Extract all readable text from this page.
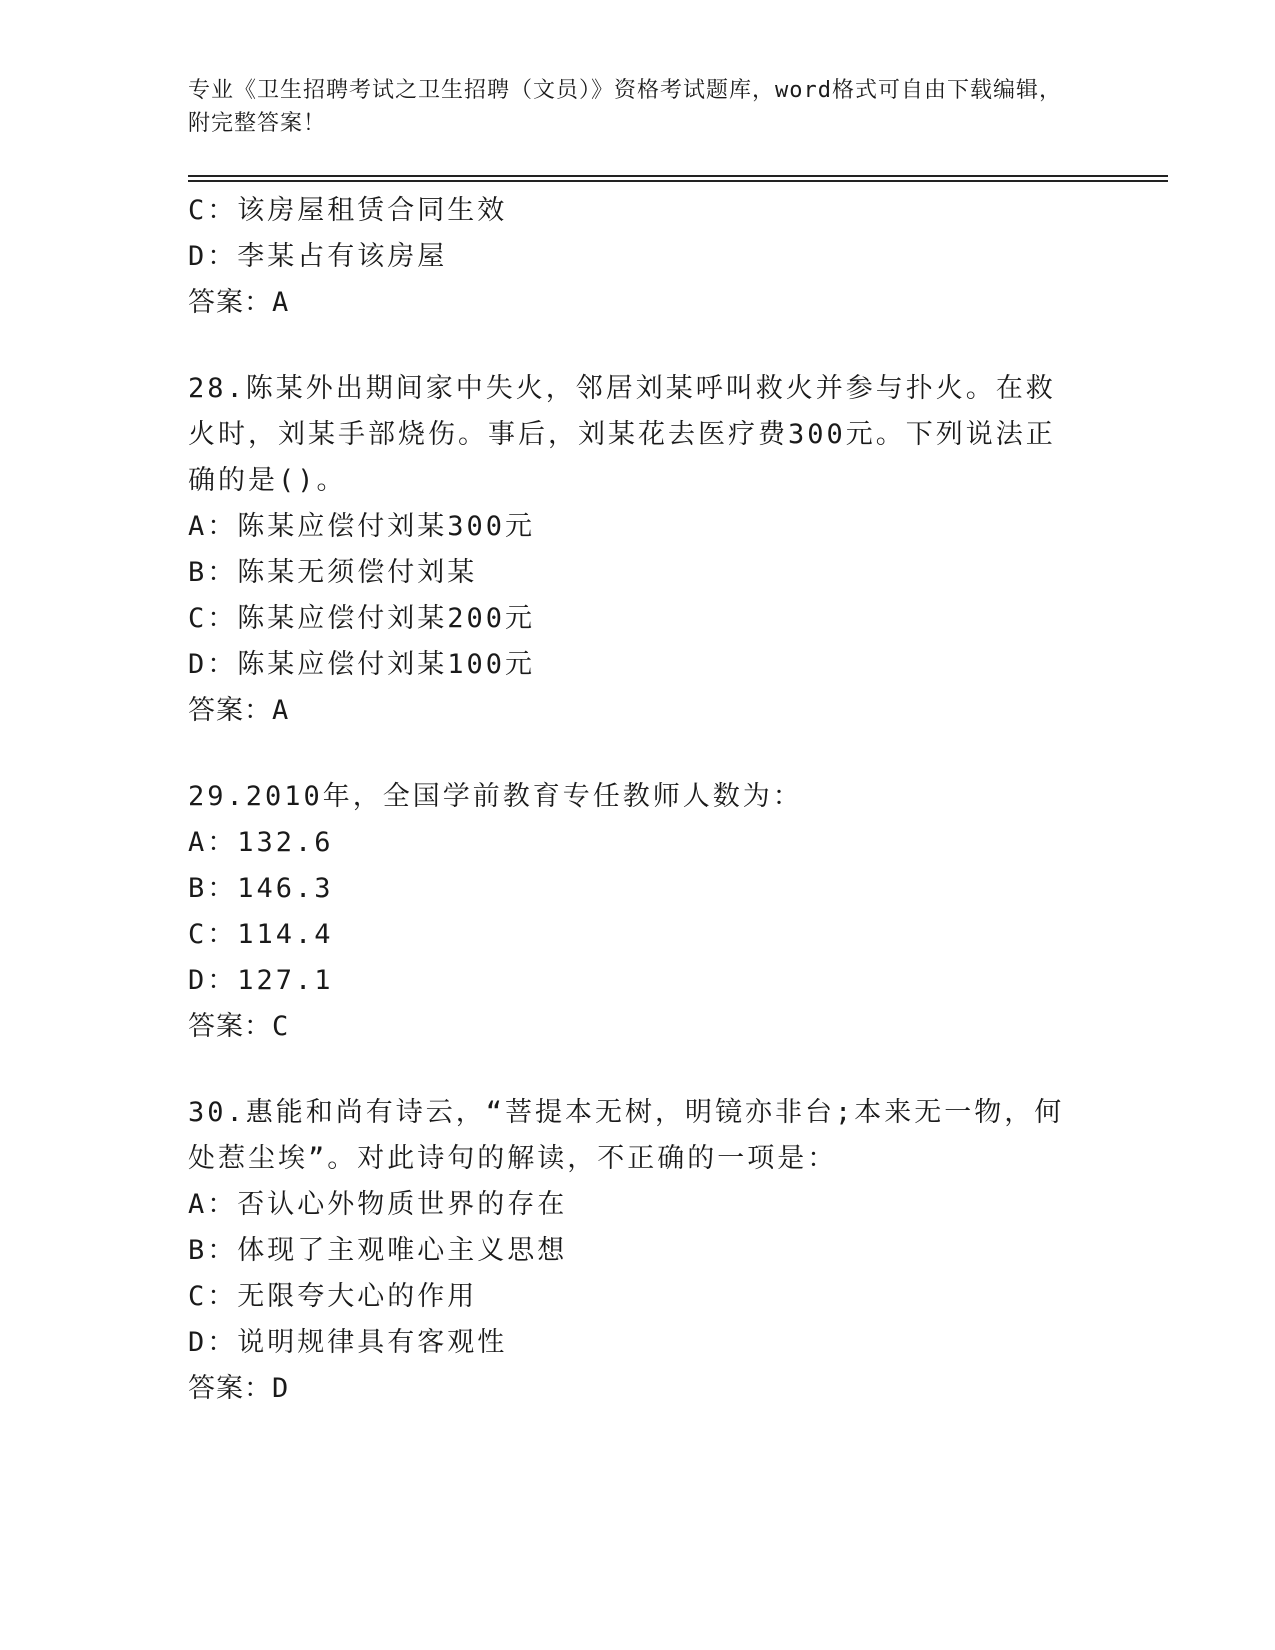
专业《卫生招聘考试之卫生招聘（文员）》资格考试题库，word格式可自由下载编辑，附完整答案！
C：该房屋租赁合同生效
D：李某占有该房屋
答案：A
28.陈某外出期间家中失火，邻居刘某呼叫救火并参与扑火。在救火时，刘某手部烧伤。事后，刘某花去医疗费300元。下列说法正确的是()。
A：陈某应偿付刘某300元
B：陈某无须偿付刘某
C：陈某应偿付刘某200元
D：陈某应偿付刘某100元
答案：A
29.2010年，全国学前教育专任教师人数为：
A：132.6
B：146.3
C：114.4
D：127.1
答案：C
30.惠能和尚有诗云，“菩提本无树，明镜亦非台;本来无一物，何处惹尘埃”。对此诗句的解读，不正确的一项是：
A：否认心外物质世界的存在
B：体现了主观唯心主义思想
C：无限夸大心的作用
D：说明规律具有客观性
答案：D
